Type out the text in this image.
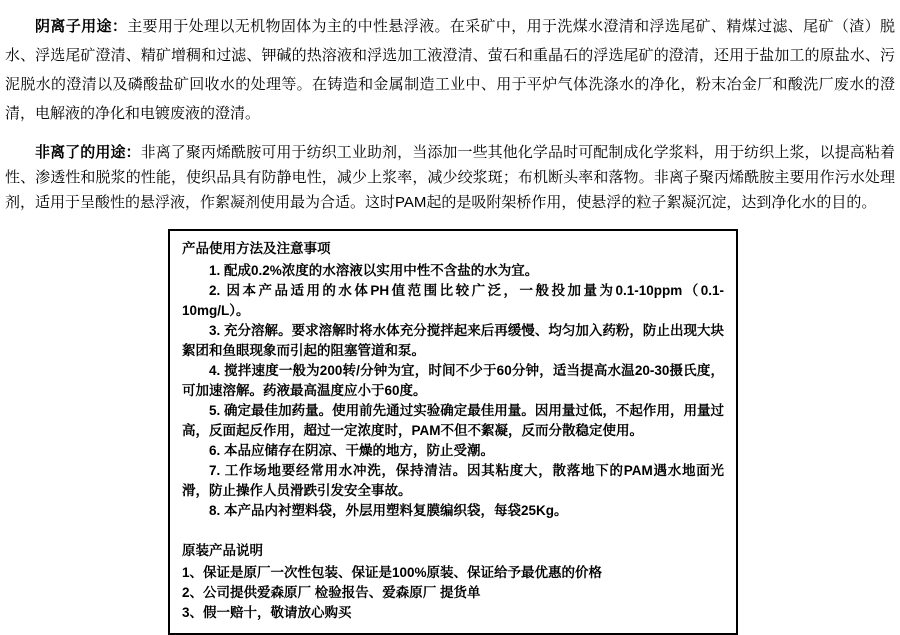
阴离子用途：主要用于处理以无机物固体为主的中性悬浮液。在采矿中，用于洗煤水澄清和浮选尾矿、精煤过滤、尾矿（渣）脱水、浮选尾矿澄清、精矿增稠和过滤、钾碱的热溶液和浮选加工液澄清、萤石和重晶石的浮选尾矿的澄清，还用于盐加工的原盐水、污泥脱水的澄清以及磷酸盐矿回收水的处理等。在铸造和金属制造工业中、用于平炉气体洗涤水的净化，粉末冶金厂和酸洗厂废水的澄清，电解液的净化和电镀废液的澄清。

非离了的用途：非离了聚丙烯酰胺可用于纺织工业助剂，当添加一些其他化学品时可配制成化学浆料，用于纺织上浆，以提高粘着性、渗透性和脱浆的性能，使织品具有防静电性，减少上浆率，减少绞浆斑；布机断头率和落物。非离子聚丙烯酰胺主要用作污水处理剂，适用于呈酸性的悬浮液，作絮凝剂使用最为合适。这时PAM起的是吸附架桥作用，使悬浮的粒子絮凝沉淀，达到净化水的目的。

产品使用方法及注意事项

1. 配成0.2%浓度的水溶液以实用中性不含盐的水为宜。

2. 因本产品适用的水体PH值范围比较广泛，一般投加量为0.1-10ppm（0.1-10mg/L）。

3. 充分溶解。要求溶解时将水体充分搅拌起来后再缓慢、均匀加入药粉，防止出现大块絮团和鱼眼现象而引起的阻塞管道和泵。

4. 搅拌速度一般为200转/分钟为宜，时间不少于60分钟，适当提高水温20-30摄氏度，可加速溶解。药液最高温度应小于60度。

5. 确定最佳加药量。使用前先通过实验确定最佳用量。因用量过低，不起作用，用量过高，反面起反作用，超过一定浓度时，PAM不但不絮凝，反而分散稳定使用。

6. 本品应储存在阴凉、干燥的地方，防止受潮。

7. 工作场地要经常用水冲洗，保持清洁。因其粘度大，散落地下的PAM遇水地面光滑，防止操作人员滑跌引发安全事故。

8. 本产品内衬塑料袋，外层用塑料复膜编织袋，每袋25Kg。

原装产品说明

1、保证是原厂一次性包装、保证是100%原装、保证给予最优惠的价格

2、公司提供爱森原厂 检验报告、爱森原厂 提货单

3、假一赔十，敬请放心购买
